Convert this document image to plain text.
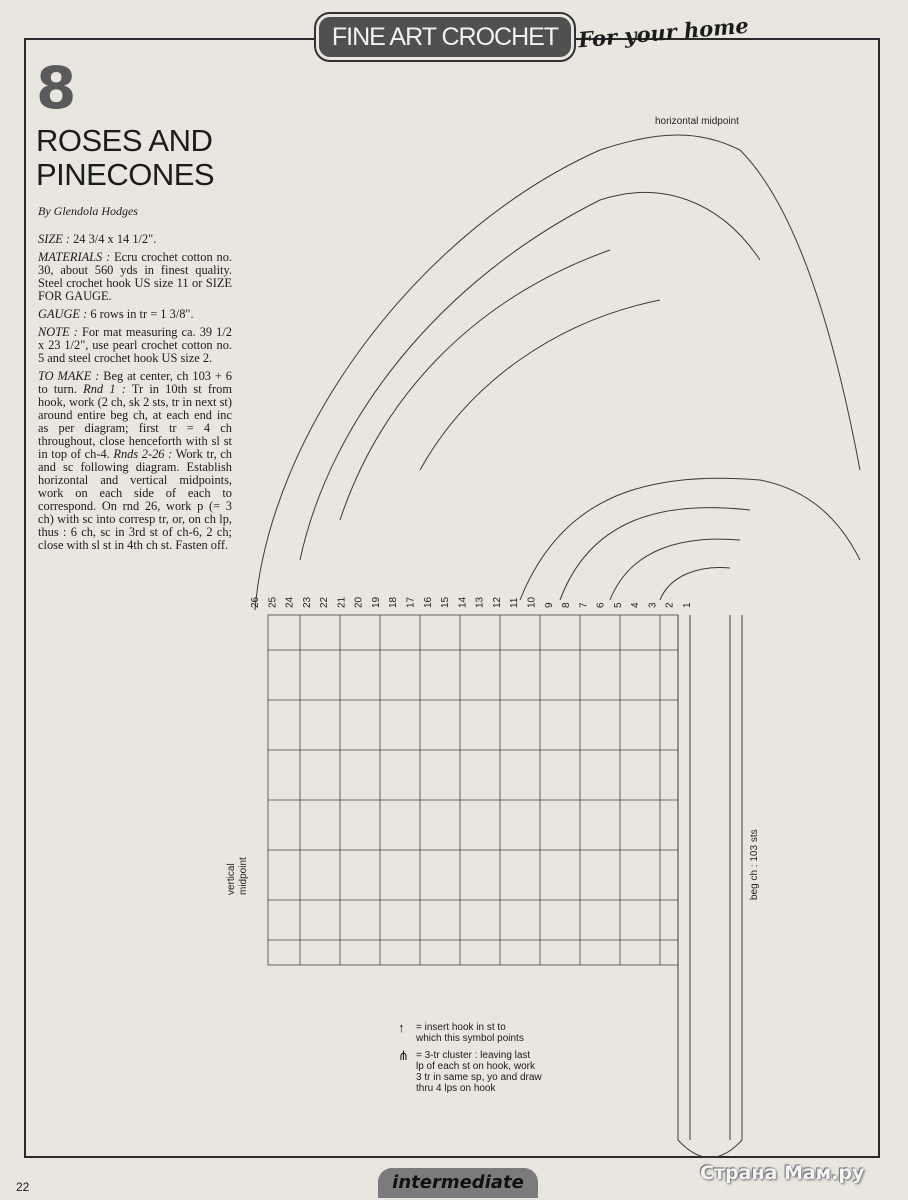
FINE ART CROCHET For your home
8
ROSES AND
PINECONES
By Glendola Hodges

SIZE : 24 3/4 x 14 1/2".

MATERIALS : Ecru crochet cotton no. 30, about 560 yds in finest quality. Steel crochet hook US size 11 or SIZE FOR GAUGE.

GAUGE : 6 rows in tr = 1 3/8".

NOTE : For mat measuring ca. 39 1/2 x 23 1/2", use pearl crochet cotton no. 5 and steel crochet hook US size 2.

TO MAKE : Beg at center, ch 103 + 6 to turn. Rnd 1 : Tr in 10th st from hook, work (2 ch, sk 2 sts, tr in next st) around entire beg ch, at each end inc as per diagram; first tr = 4 ch throughout, close henceforth with sl st in top of ch-4. Rnds 2-26 : Work tr, ch and sc following diagram. Establish horizontal and vertical midpoints, work on each side of each to correspond. On rnd 26, work p (= 3 ch) with sc into corresp tr, or, on ch lp, thus : 6 ch, sc in 3rd st of ch-6, 2 ch; close with sl st in 4th ch st. Fasten off.

26 25 24 23 22 21 20 19 18 17 16 15 14 13 12 11 10 9 8 7 6 5 4 3 2 1
horizontal midpoint
vertical midpoint	beg ch : 103 sts
↑	= insert hook in st to
which this symbol points
⋔ = 3-tr cluster : leaving last
lp of each st on hook, work
3 tr in same sp, yo and draw
thru 4 lps on hook
22	intermediate	Страна Мам.ру
